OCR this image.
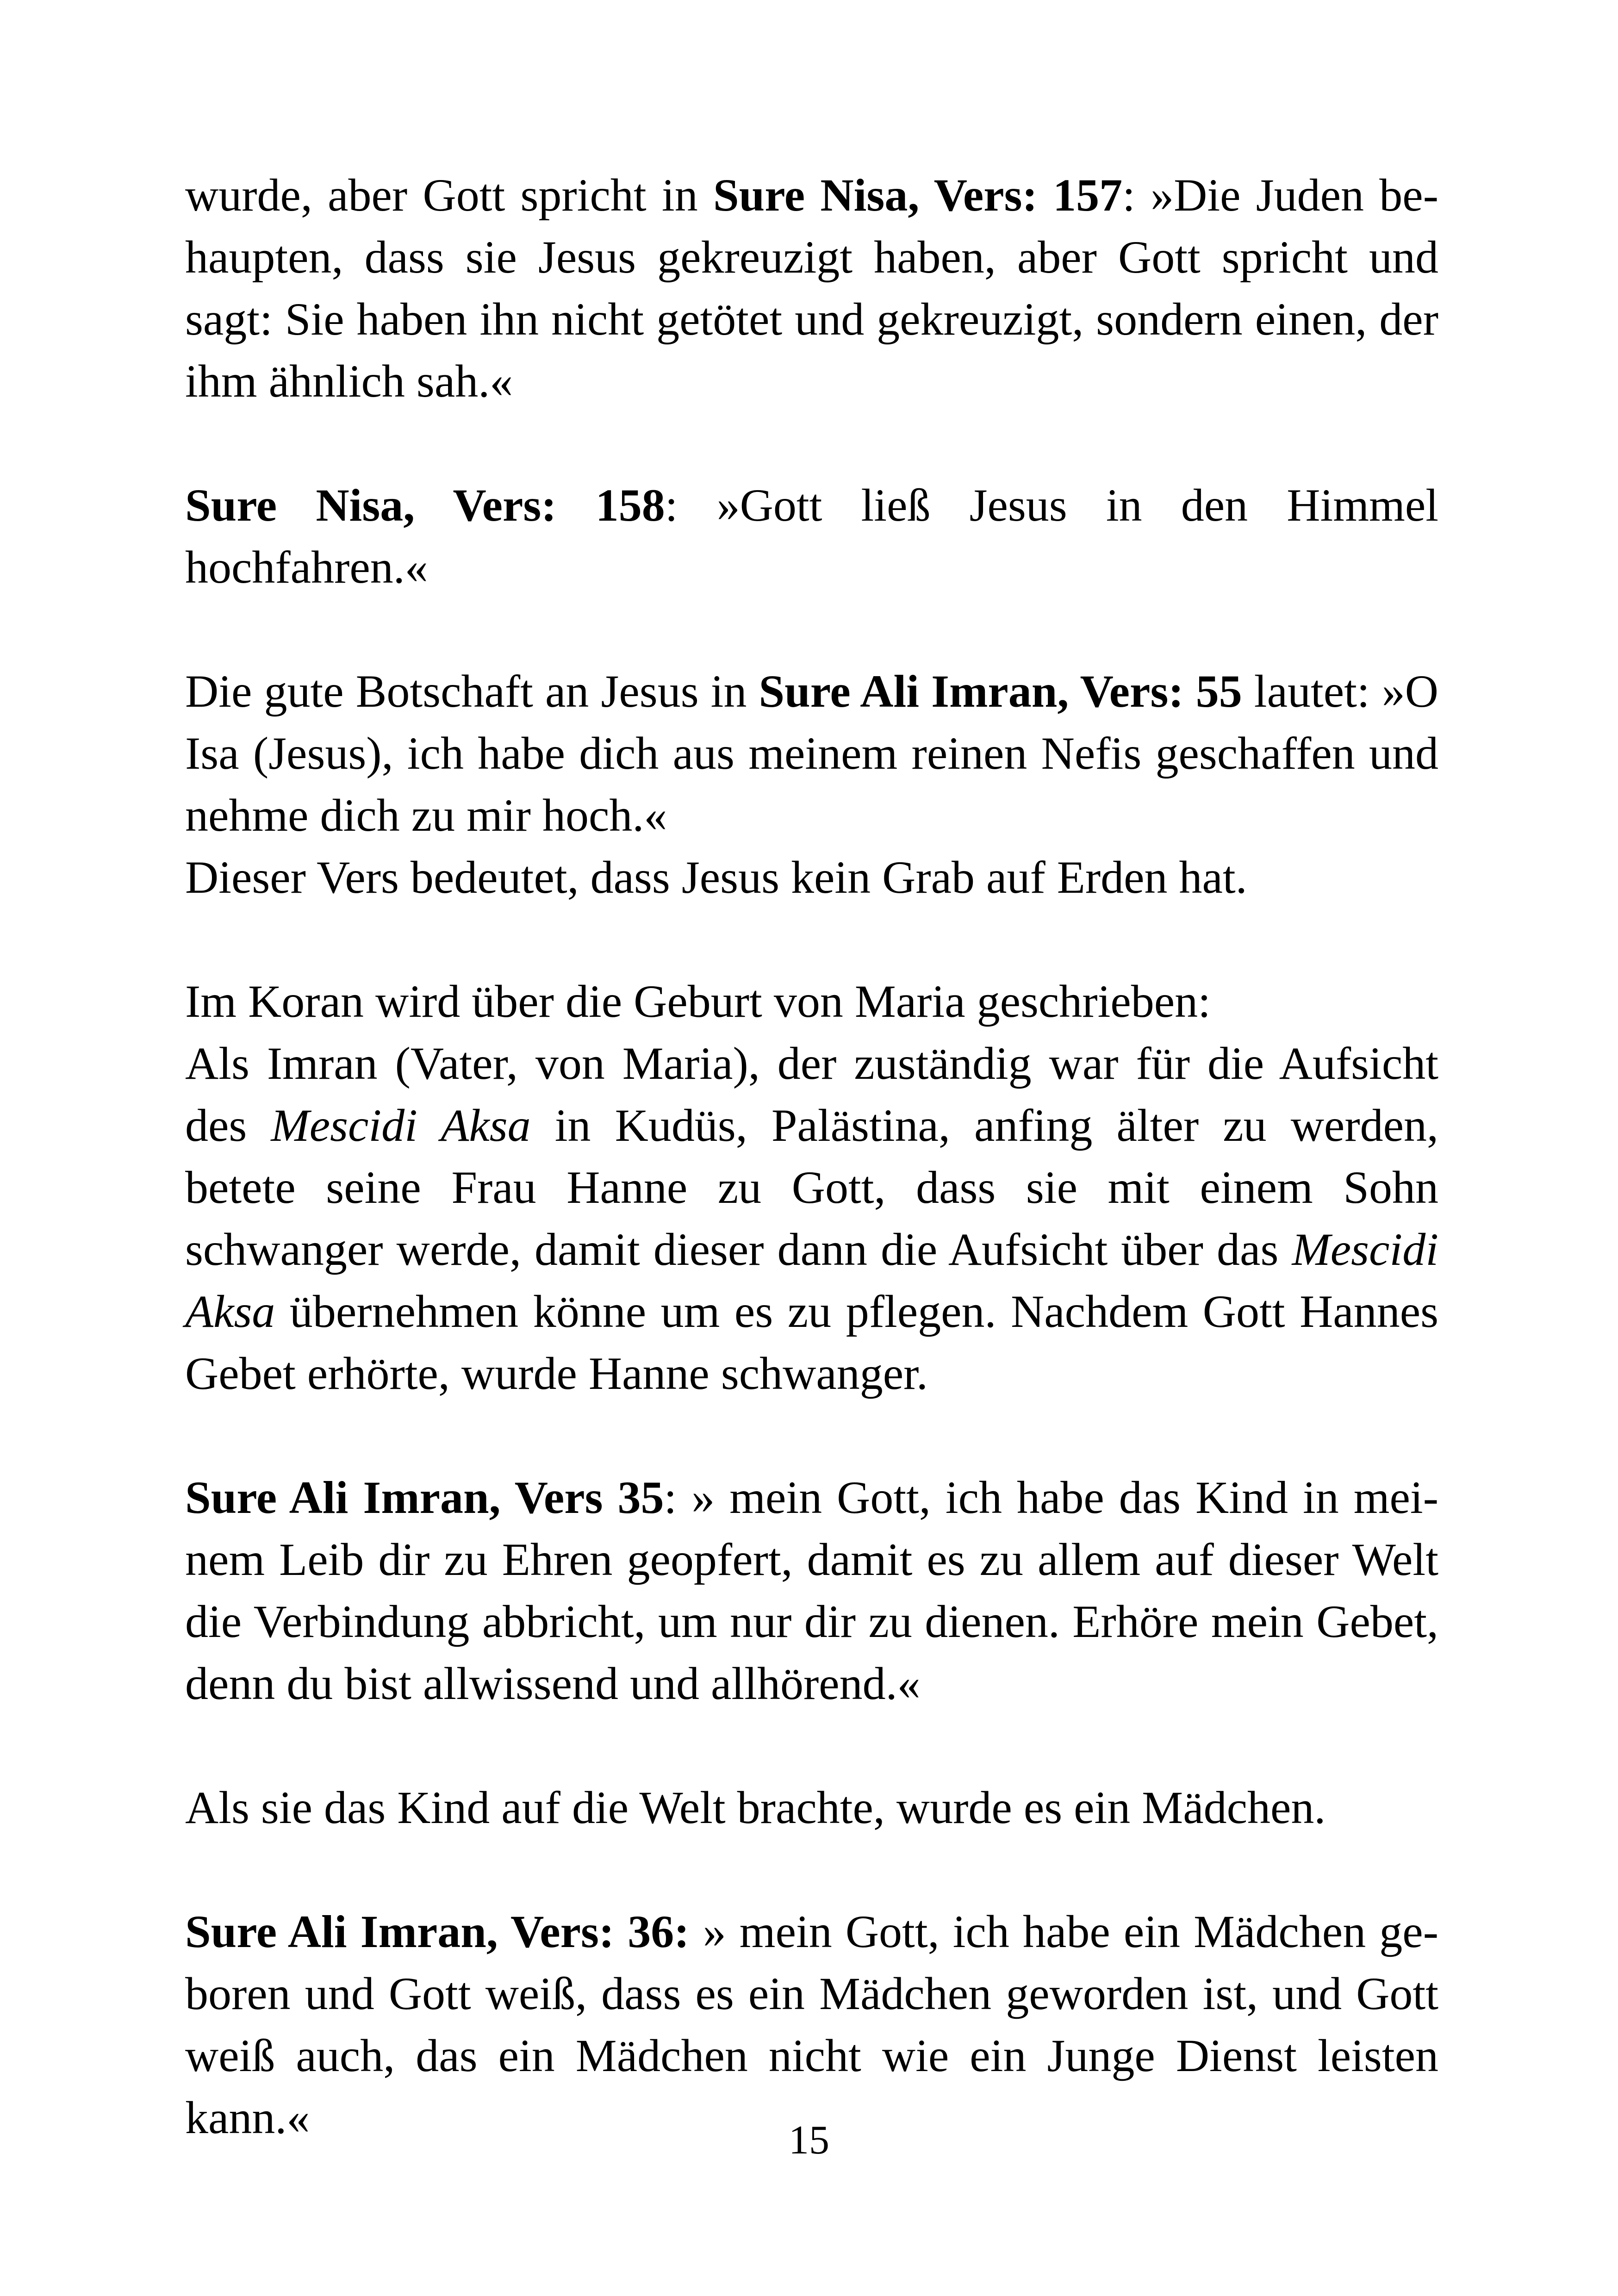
wurde, aber Gott spricht in Sure Nisa, Vers: 157: »Die Juden behaupten, dass sie Jesus gekreuzigt haben, aber Gott spricht und sagt: Sie haben ihn nicht getötet und gekreuzigt, sondern einen, der ihm ähnlich sah.«

Sure Nisa, Vers: 158: »Gott ließ Jesus in den Himmel hochfahren.«

Die gute Botschaft an Jesus in Sure Ali Imran, Vers: 55 lautet: »O Isa (Jesus), ich habe dich aus meinem reinen Nefis geschaffen und nehme dich zu mir hoch.«

Dieser Vers bedeutet, dass Jesus kein Grab auf Erden hat.

Im Koran wird über die Geburt von Maria geschrieben:

Als Imran (Vater, von Maria), der zuständig war für die Aufsicht des Mescidi Aksa in Kudüs, Palästina, anfing älter zu werden, betete seine Frau Hanne zu Gott, dass sie mit einem Sohn schwanger werde, damit dieser dann die Aufsicht über das Mescidi Aksa übernehmen könne um es zu pflegen. Nachdem Gott Hannes Gebet erhörte, wurde Hanne schwanger.

Sure Ali Imran, Vers 35: » mein Gott, ich habe das Kind in meinem Leib dir zu Ehren geopfert, damit es zu allem auf dieser Welt die Verbindung abbricht, um nur dir zu dienen. Erhöre mein Gebet, denn du bist allwissend und allhörend.«

Als sie das Kind auf die Welt brachte, wurde es ein Mädchen.

Sure Ali Imran, Vers: 36: » mein Gott, ich habe ein Mädchen geboren und Gott weiß, dass es ein Mädchen geworden ist, und Gott weiß auch, das ein Mädchen nicht wie ein Junge Dienst leisten kann.«	15
